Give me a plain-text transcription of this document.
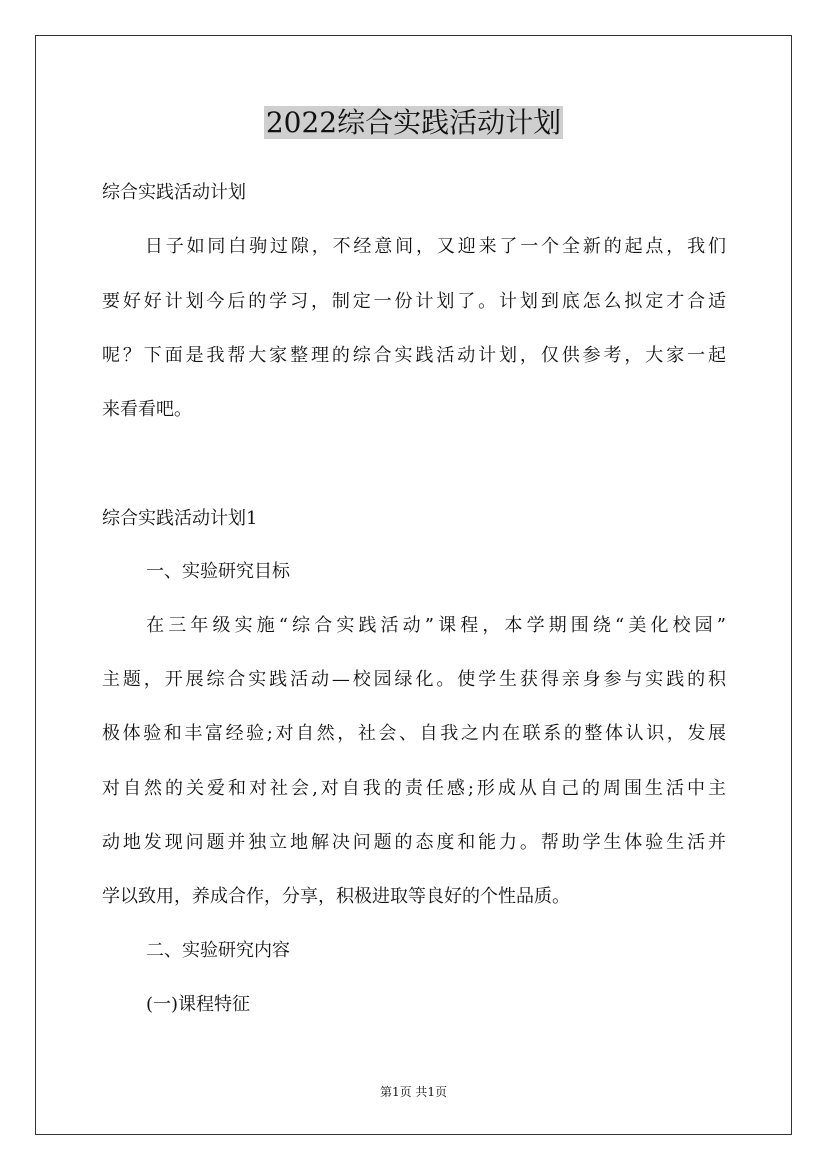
2022综合实践活动计划
综合实践活动计划
日子如同白驹过隙，不经意间，又迎来了一个全新的起点，我们
要好好计划今后的学习，制定一份计划了。计划到底怎么拟定才合适
呢？下面是我帮大家整理的综合实践活动计划，仅供参考，大家一起
来看看吧。
综合实践活动计划1
一、实验研究目标
在三年级实施“综合实践活动”课程，本学期围绕“美化校园”
主题，开展综合实践活动—校园绿化。使学生获得亲身参与实践的积
极体验和丰富经验;对自然，社会、自我之内在联系的整体认识，发展
对自然的关爱和对社会,对自我的责任感;形成从自己的周围生活中主
动地发现问题并独立地解决问题的态度和能力。帮助学生体验生活并
学以致用，养成合作，分享，积极进取等良好的个性品质。
二、实验研究内容
(一)课程特征
第1页 共1页
